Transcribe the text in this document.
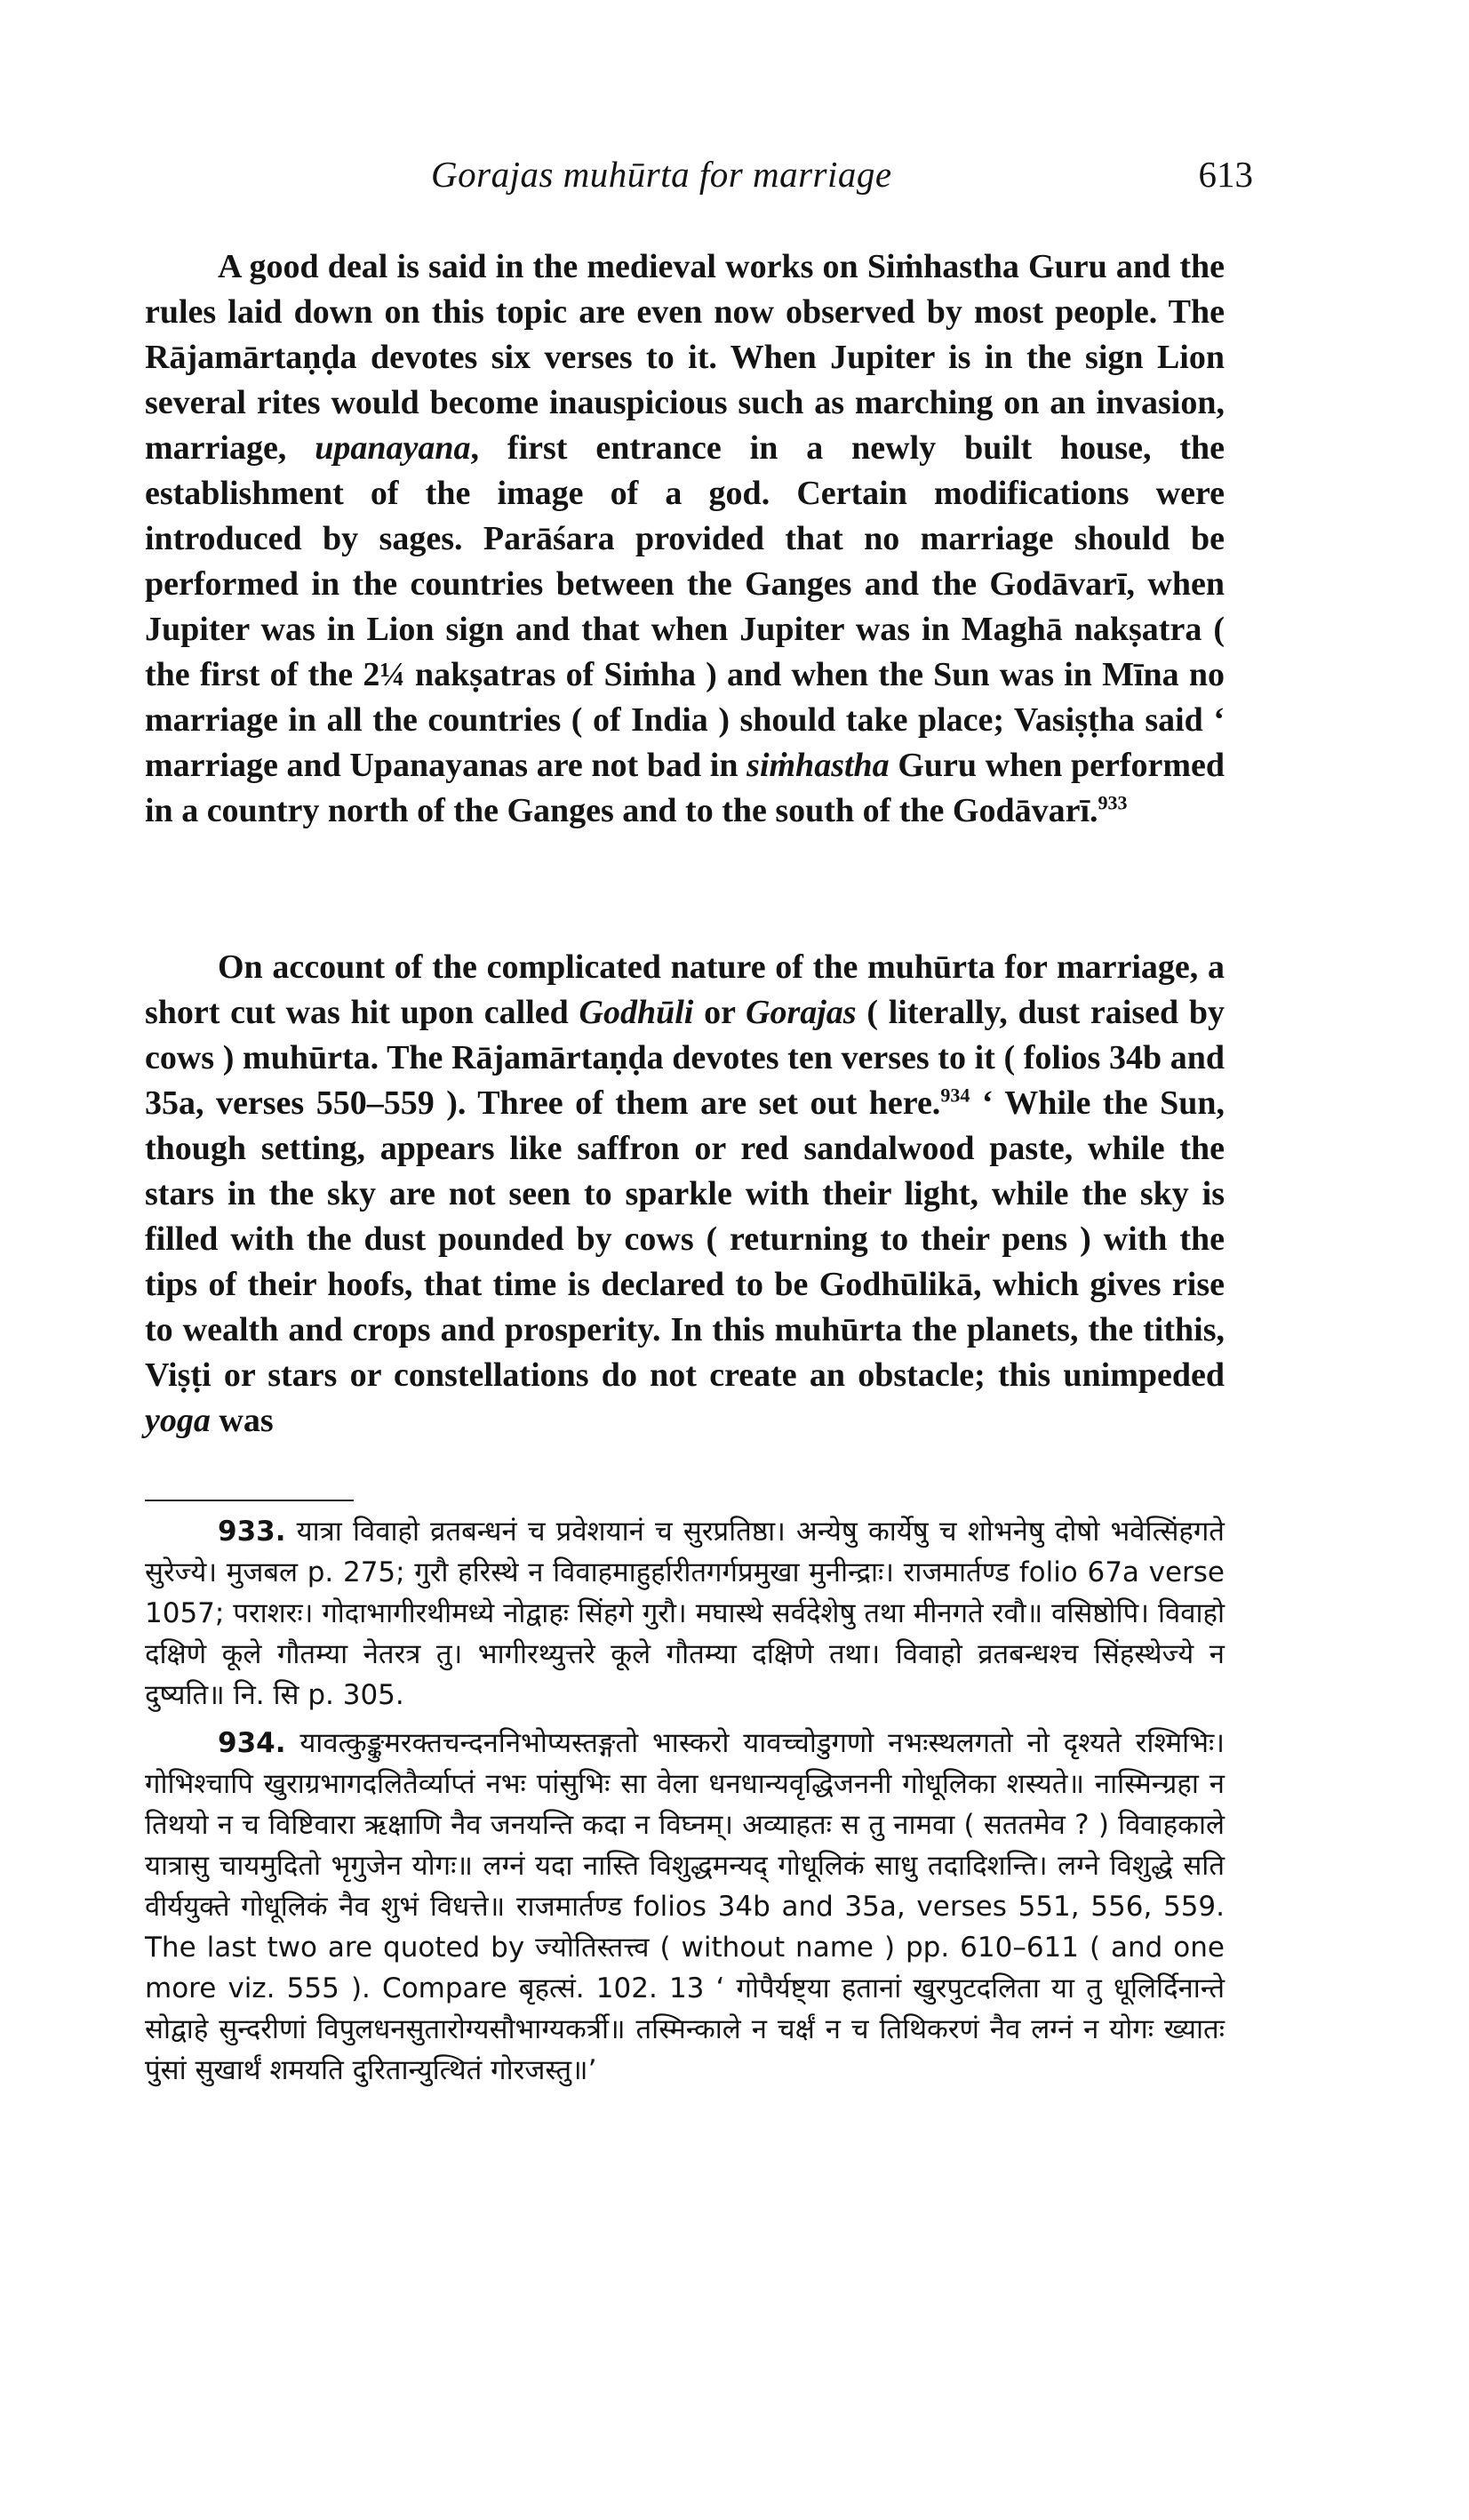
Gorajas muhūrta for marriage	613

A good deal is said in the medieval works on Siṁhastha Guru and the rules laid down on this topic are even now observed by most people. The Rājamārtaṇḍa devotes six verses to it. When Jupiter is in the sign Lion several rites would become inauspicious such as marching on an invasion, marriage, upanayana, first entrance in a newly built house, the establishment of the image of a god. Certain modifications were introduced by sages. Parāśara provided that no marriage should be performed in the countries between the Ganges and the Godāvarī, when Jupiter was in Lion sign and that when Jupiter was in Maghā nakṣatra ( the first of the 2¼ nakṣatras of Siṁha ) and when the Sun was in Mīna no marriage in all the countries ( of India ) should take place; Vasiṣṭha said ‘ marriage and Upanayanas are not bad in siṁhastha Guru when performed in a country north of the Ganges and to the south of the Godāvarī.$^{933}$

On account of the complicated nature of the muhūrta for marriage, a short cut was hit upon called Godhūli or Gorajas ( literally, dust raised by cows ) muhūrta. The Rājamārtaṇḍa devotes ten verses to it ( folios 34b and 35a, verses 550–559 ). Three of them are set out here.$^{934}$ ‘ While the Sun, though setting, appears like saffron or red sandalwood paste, while the stars in the sky are not seen to sparkle with their light, while the sky is filled with the dust pounded by cows ( returning to their pens ) with the tips of their hoofs, that time is declared to be Godhūlikā, which gives rise to wealth and crops and prosperity. In this muhūrta the planets, the tithis, Viṣṭi or stars or constellations do not create an obstacle; this unimpeded yoga was

933. यात्रा विवाहो व्रतबन्धनं च प्रवेशयानं च सुरप्रतिष्ठा। अन्येषु कार्येषु च शोभनेषु दोषो भवेत्सिंहगते सुरेज्ये। मुजबल p. 275; गुरौ हरिस्थे न विवाहमाहुर्हारीतगर्गप्रमुखा मुनीन्द्राः। राजमार्तण्ड folio 67a verse 1057; पराशरः। गोदाभागीरथीमध्ये नोद्वाहः सिंहगे गुरौ। मघास्थे सर्वदेशेषु तथा मीनगते रवौ॥ वसिष्ठोपि। विवाहो दक्षिणे कूले गौतम्या नेतरत्र तु। भागीरथ्युत्तरे कूले गौतम्या दक्षिणे तथा। विवाहो व्रतबन्धश्च सिंहस्थेज्ये न दुष्यति॥ नि. सि p. 305.

934. यावत्कुङ्कुमरक्तचन्दननिभोप्यस्तङ्गतो भास्करो यावच्चोडुगणो नभःस्थलगतो नो दृश्यते रश्मिभिः। गोभिश्चापि खुराग्रभागदलितैर्व्याप्तं नभः पांसुभिः सा वेला धनधान्यवृद्धिजननी गोधूलिका शस्यते॥ नास्मिन्ग्रहा न तिथयो न च विष्टिवारा ऋक्षाणि नैव जनयन्ति कदा न विघ्नम्। अव्याहतः स तु नामवा ( सततमेव ? ) विवाहकाले यात्रासु चायमुदितो भृगुजेन योगः॥ लग्नं यदा नास्ति विशुद्धमन्यद् गोधूलिकं साधु तदादिशन्ति। लग्ने विशुद्धे सति वीर्ययुक्ते गोधूलिकं नैव शुभं विधत्ते॥ राजमार्तण्ड folios 34b and 35a, verses 551, 556, 559. The last two are quoted by ज्योतिस्तत्त्व ( without name ) pp. 610–611 ( and one more viz. 555 ). Compare बृहत्सं. 102. 13 ‘ गोपैर्यष्ट्या हतानां खुरपुटदलिता या तु धूलिर्दिनान्ते सोद्वाहे सुन्दरीणां विपुलधनसुतारोग्यसौभाग्यकर्त्री॥ तस्मिन्काले न चर्क्षं न च तिथिकरणं नैव लग्नं न योगः ख्यातः पुंसां सुखार्थं शमयति दुरितान्युत्थितं गोरजस्तु॥’
